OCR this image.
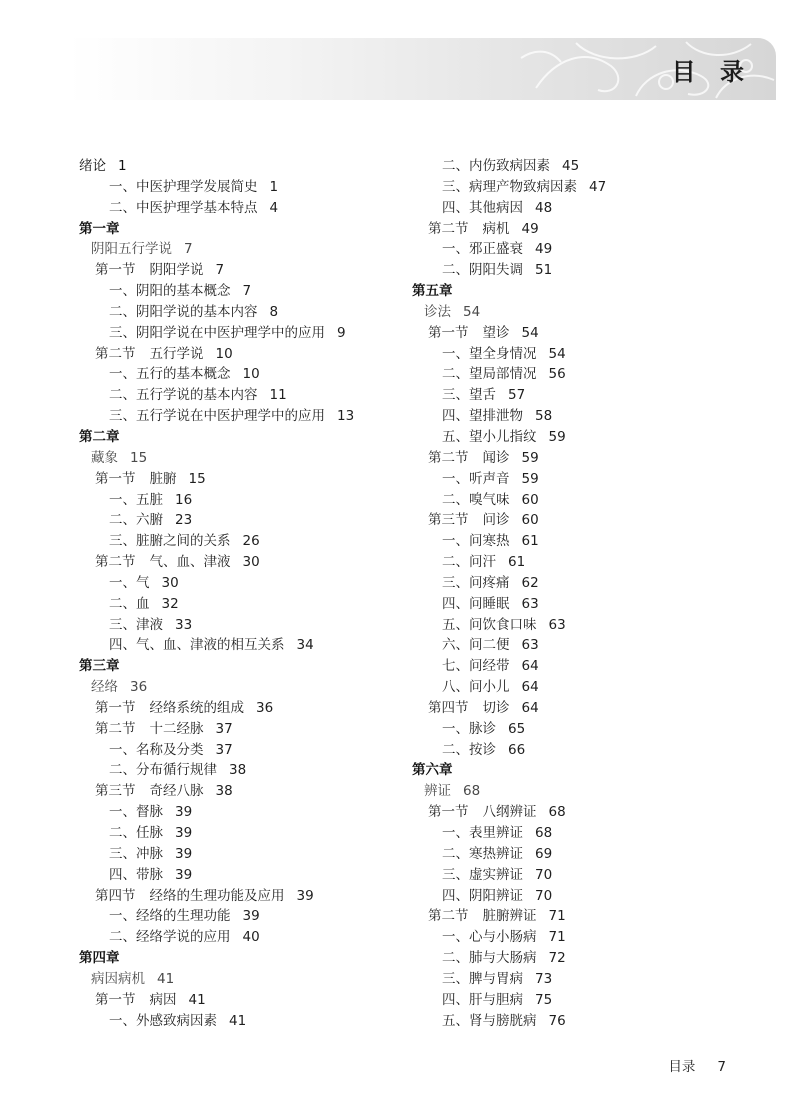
目 录
绪论 1
一、中医护理学发展简史 1
二、中医护理学基本特点 4
第一章
阴阳五行学说 7
第一节 阴阳学说 7
一、阴阳的基本概念 7
二、阴阳学说的基本内容 8
三、阴阳学说在中医护理学中的应用 9
第二节 五行学说 10
一、五行的基本概念 10
二、五行学说的基本内容 11
三、五行学说在中医护理学中的应用 13
第二章
藏象 15
第一节 脏腑 15
一、五脏 16
二、六腑 23
三、脏腑之间的关系 26
第二节 气、血、津液 30
一、气 30
二、血 32
三、津液 33
四、气、血、津液的相互关系 34
第三章
经络 36
第一节 经络系统的组成 36
第二节 十二经脉 37
一、名称及分类 37
二、分布循行规律 38
第三节 奇经八脉 38
一、督脉 39
二、任脉 39
三、冲脉 39
四、带脉 39
第四节 经络的生理功能及应用 39
一、经络的生理功能 39
二、经络学说的应用 40
第四章
病因病机 41
第一节 病因 41
一、外感致病因素 41
二、内伤致病因素 45
三、病理产物致病因素 47
四、其他病因 48
第二节 病机 49
一、邪正盛衰 49
二、阴阳失调 51
第五章
诊法 54
第一节 望诊 54
一、望全身情况 54
二、望局部情况 56
三、望舌 57
四、望排泄物 58
五、望小儿指纹 59
第二节 闻诊 59
一、听声音 59
二、嗅气味 60
第三节 问诊 60
一、问寒热 61
二、问汗 61
三、问疼痛 62
四、问睡眠 63
五、问饮食口味 63
六、问二便 63
七、问经带 64
八、问小儿 64
第四节 切诊 64
一、脉诊 65
二、按诊 66
第六章
辨证 68
第一节 八纲辨证 68
一、表里辨证 68
二、寒热辨证 69
三、虚实辨证 70
四、阴阳辨证 70
第二节 脏腑辨证 71
一、心与小肠病 71
二、肺与大肠病 72
三、脾与胃病 73
四、肝与胆病 75
五、肾与膀胱病 76
目录 7
